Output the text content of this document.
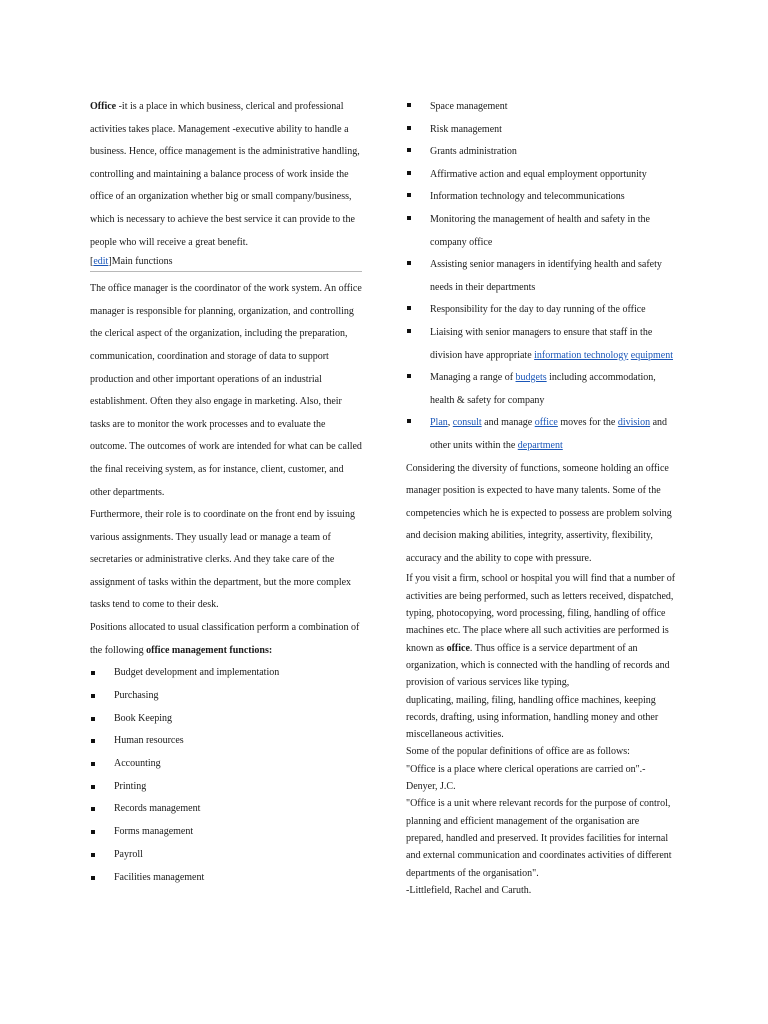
Office -it is a place in which business, clerical and professional activities takes place. Management -executive ability to handle a business. Hence, office management is the administrative handling, controlling and maintaining a balance process of work inside the office of an organization whether big or small company/business, which is necessary to achieve the best service it can provide to the people who will receive a great benefit.

[edit]Main functions

The office manager is the coordinator of the work system. An office manager is responsible for planning, organization, and controlling the clerical aspect of the organization, including the preparation, communication, coordination and storage of data to support production and other important operations of an industrial establishment. Often they also engage in marketing. Also, their tasks are to monitor the work processes and to evaluate the outcome. The outcomes of work are intended for what can be called the final receiving system, as for instance, client, customer, and other departments.

Furthermore, their role is to coordinate on the front end by issuing various assignments. They usually lead or manage a team of secretaries or administrative clerks. And they take care of the assignment of tasks within the department, but the more complex tasks tend to come to their desk.

Positions allocated to usual classification perform a combination of the following office management functions:

Budget development and implementation
Purchasing
Book Keeping
Human resources
Accounting
Printing
Records management
Forms management
Payroll
Facilities management
Space management
Risk management
Grants administration
Affirmative action and equal employment opportunity
Information technology and telecommunications
Monitoring the management of health and safety in the company office
Assisting senior managers in identifying health and safety needs in their departments
Responsibility for the day to day running of the office
Liaising with senior managers to ensure that staff in the division have appropriate information technology equipment
Managing a range of budgets including accommodation, health & safety for company
Plan, consult and manage office moves for the division and other units within the department

Considering the diversity of functions, someone holding an office manager position is expected to have many talents. Some of the competencies which he is expected to possess are problem solving and decision making abilities, integrity, assertivity, flexibility, accuracy and the ability to cope with pressure.

If you visit a firm, school or hospital you will find that a number of activities are being performed, such as letters received, dispatched, typing, photocopying, word processing, filing, handling of office machines etc. The place where all such activities are performed is known as office. Thus office is a service department of an organization, which is connected with the handling of records and provision of various services like typing,

duplicating, mailing, filing, handling office machines, keeping records, drafting, using information, handling money and other miscellaneous activities.

Some of the popular definitions of office are as follows:

"Office is a place where clerical operations are carried on".- Denyer, J.C.

"Office is a unit where relevant records for the purpose of control, planning and efficient management of the organisation are prepared, handled and preserved. It provides facilities for internal and external communication and coordinates activities of different departments of the organisation".

-Littlefield, Rachel and Caruth.
